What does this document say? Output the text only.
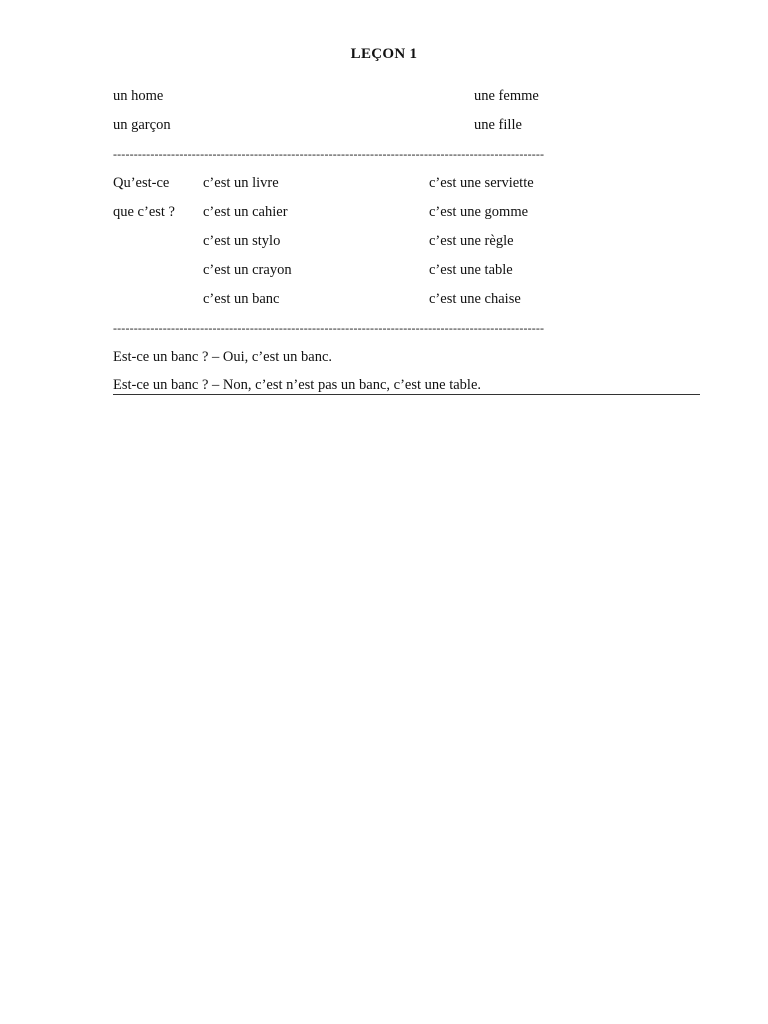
LEÇON 1
un home	une femme
un garçon	une fille
--------------------------------------------------------------------------------------------------------
Qu’est-ce
que c’est ?
c’est un livre
c’est un cahier
c’est un stylo
c’est un crayon
c’est un banc
c’est une serviette
c’est une gomme
c’est une règle
c’est une table
c’est une chaise
--------------------------------------------------------------------------------------------------------
Est-ce un banc ? – Oui, c’est un banc.
Est-ce un banc ? – Non, c’est n’est pas un banc, c’est une table.
